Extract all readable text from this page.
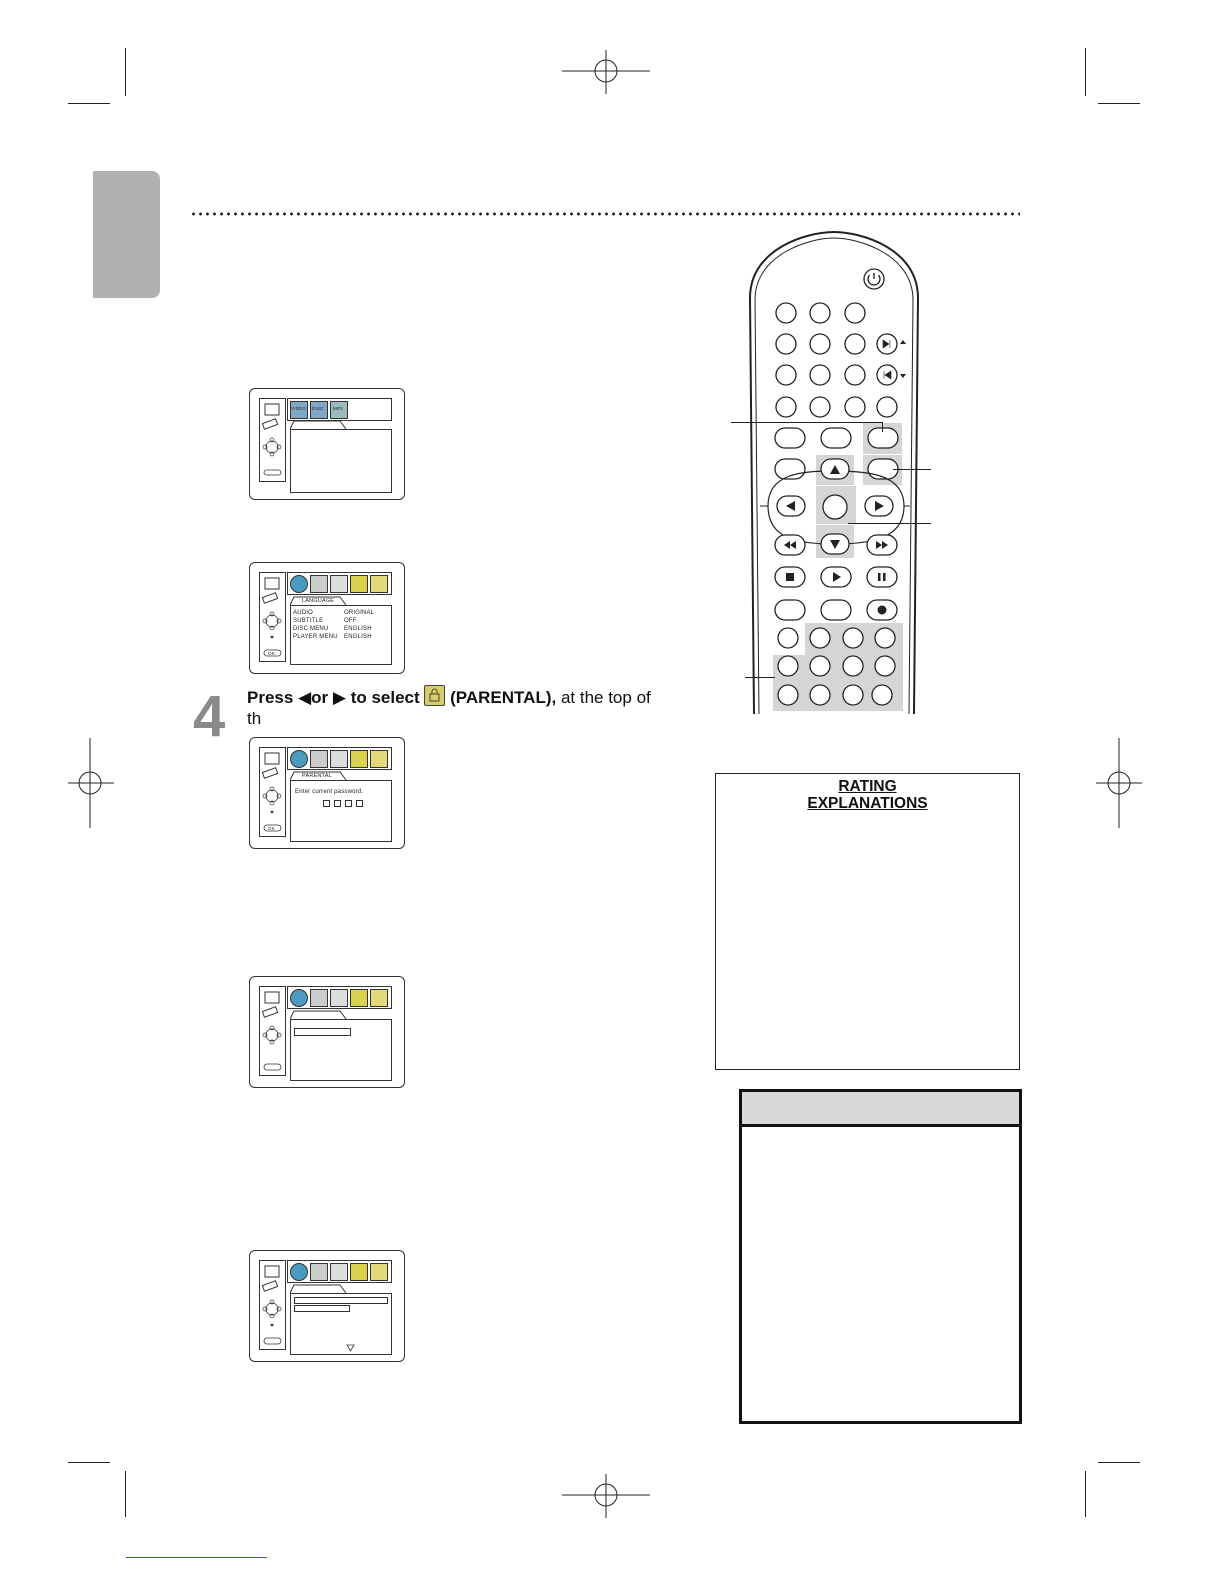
VIDEO DISC MP3
OK
AUDIO	ORIGINAL
SUBTITLE	OFF
DISC MENU	ENGLISH
PLAYER MENU ENGLISH
LANGUAGE
4 Press ◀or ▶ to select (PARENTAL), at the top of
th
OK
Enter current password.
PARENTAL
RATING
EXPLANATIONS
